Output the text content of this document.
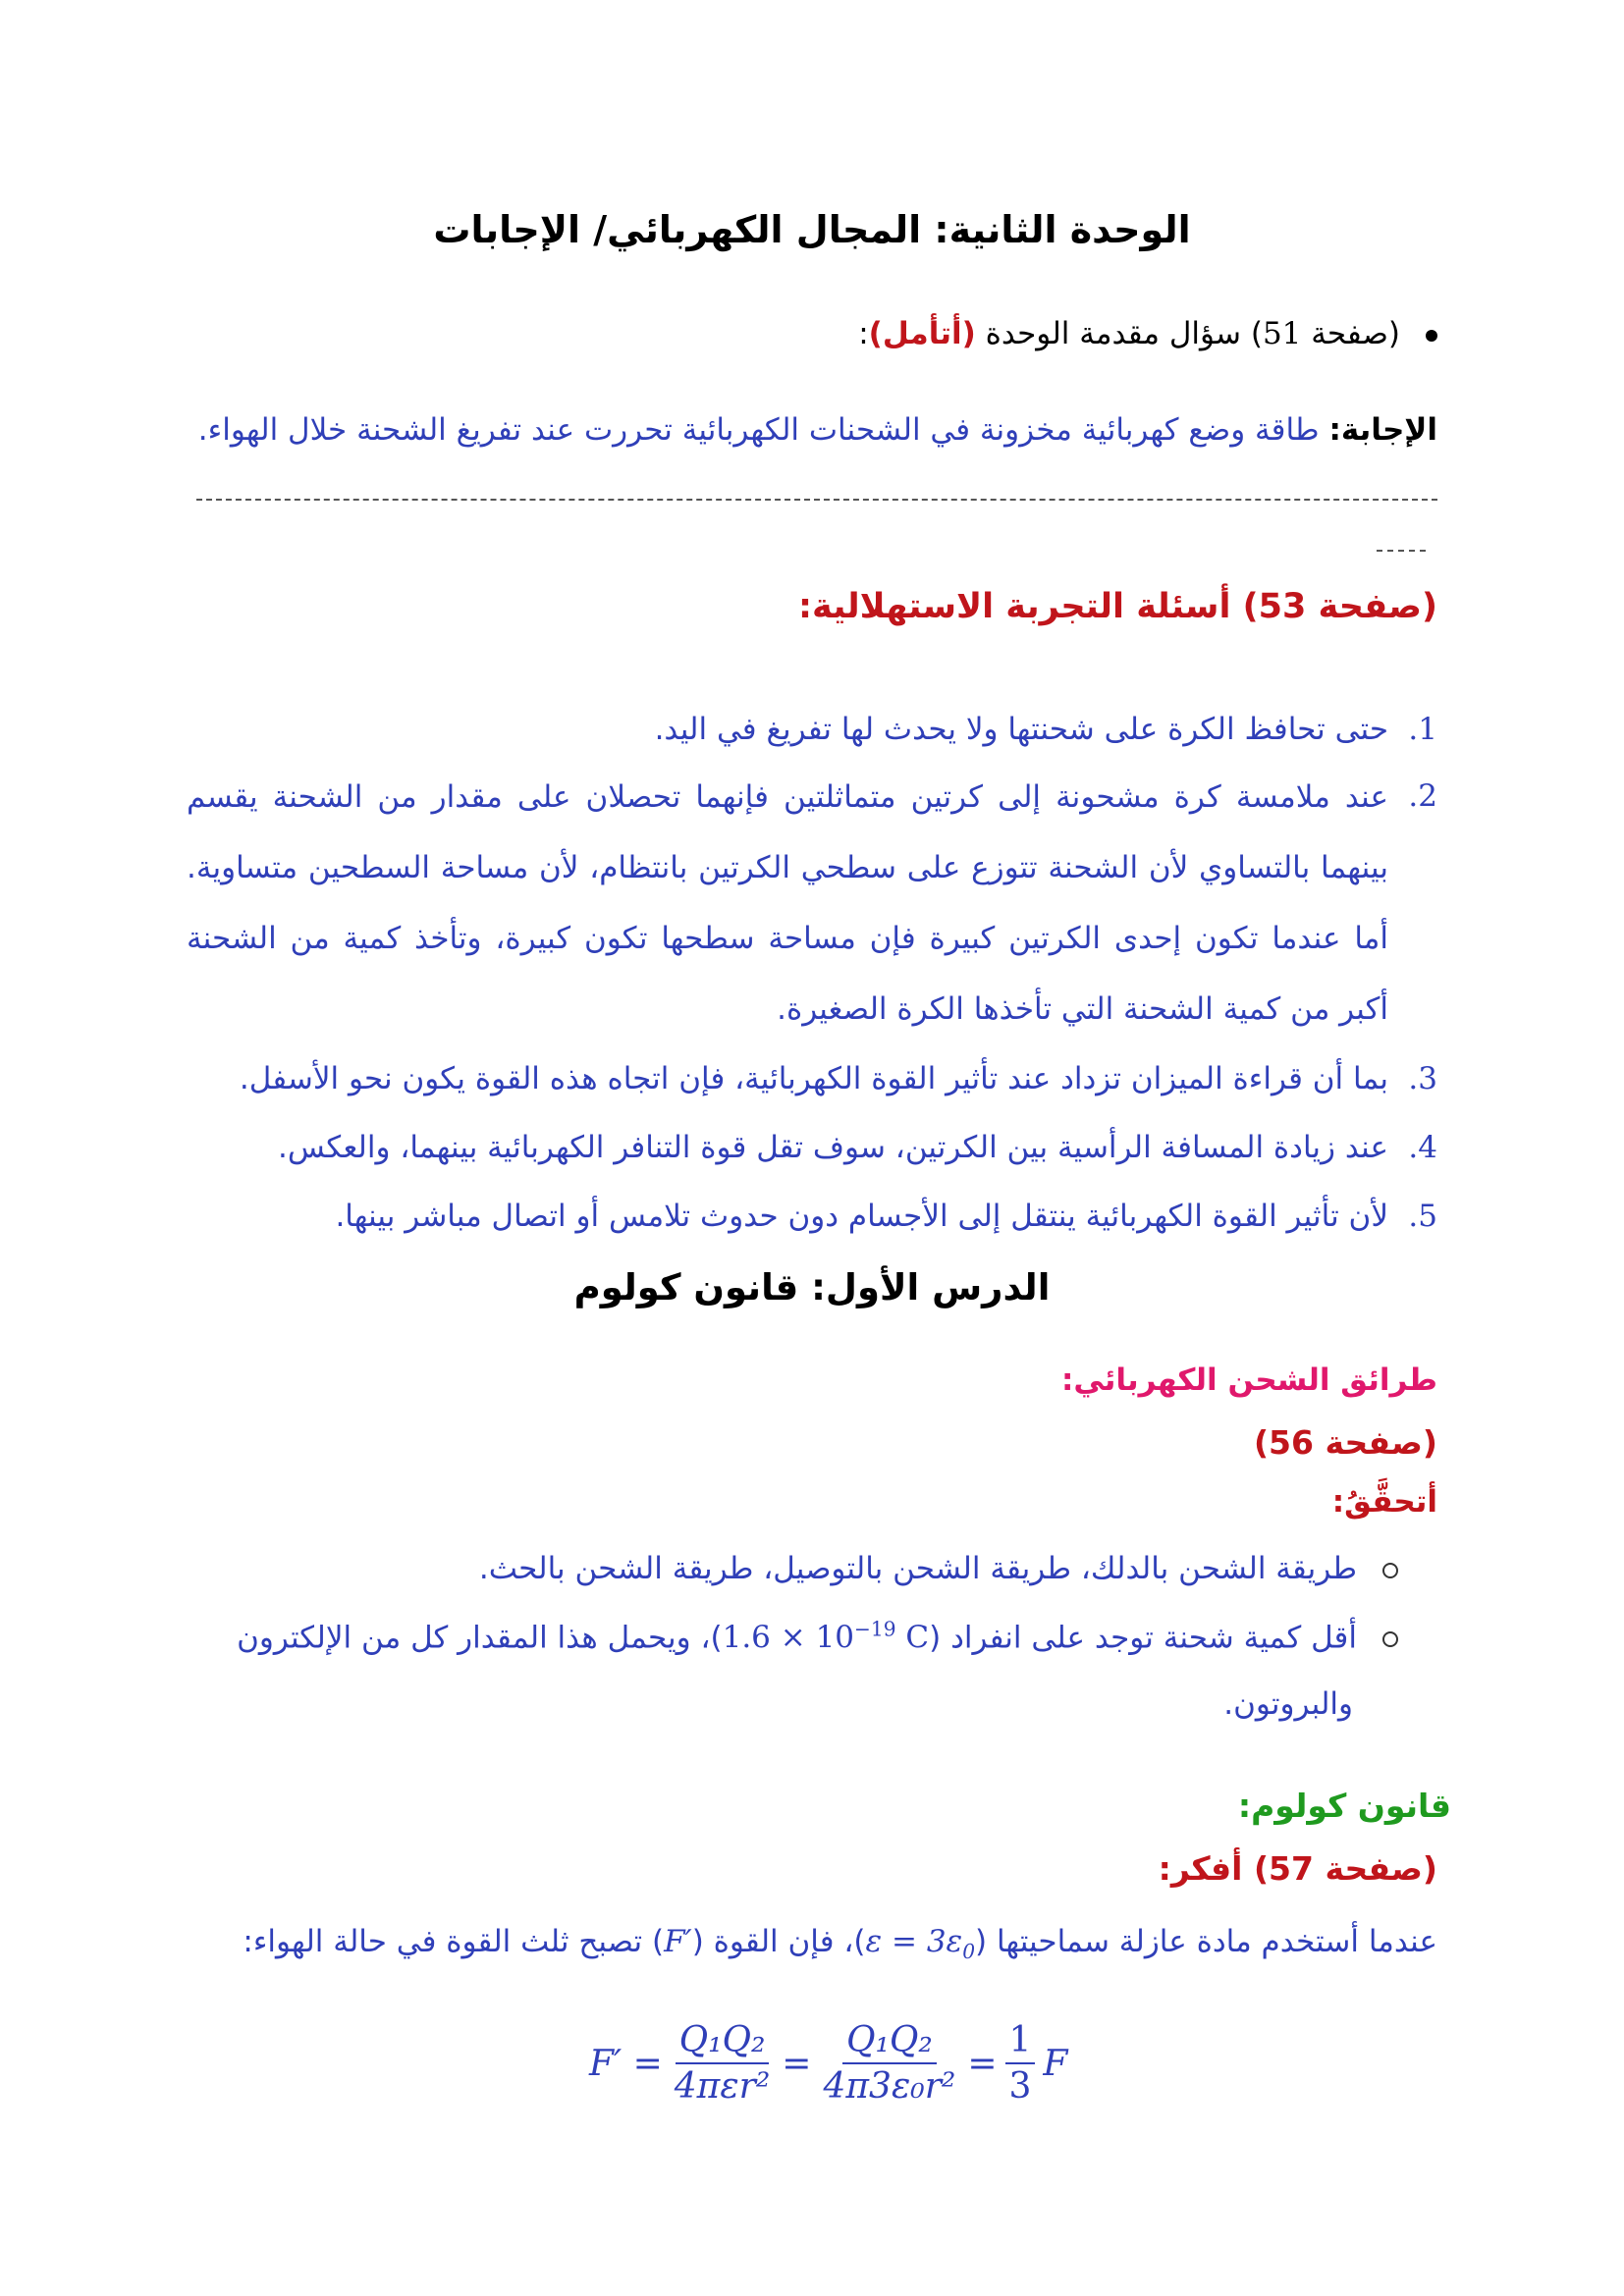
الوحدة الثانية: المجال الكهربائي/ الإجابات
(صفحة 51) سؤال مقدمة الوحدة (أتأمل):
الإجابة: طاقة وضع كهربائية مخزونة في الشحنات الكهربائية تحررت عند تفريغ الشحنة خلال الهواء.
(صفحة 53) أسئلة التجربة الاستهلالية:
1.
حتى تحافظ الكرة على شحنتها ولا يحدث لها تفريغ في اليد.
2.
عند ملامسة كرة مشحونة إلى كرتين متماثلتين فإنهما تحصلان على مقدار من الشحنة يقسم بينهما بالتساوي لأن الشحنة تتوزع على سطحي الكرتين بانتظام، لأن مساحة السطحين متساوية. أما عندما تكون إحدى الكرتين كبيرة فإن مساحة سطحها تكون كبيرة، وتأخذ كمية من الشحنة أكبر من كمية الشحنة التي تأخذها الكرة الصغيرة.
3.
بما أن قراءة الميزان تزداد عند تأثير القوة الكهربائية، فإن اتجاه هذه القوة يكون نحو الأسفل.
4.
عند زيادة المسافة الرأسية بين الكرتين، سوف تقل قوة التنافر الكهربائية بينهما، والعكس.
5.
لأن تأثير القوة الكهربائية ينتقل إلى الأجسام دون حدوث تلامس أو اتصال مباشر بينها.
الدرس الأول: قانون كولوم
طرائق الشحن الكهربائي:
(صفحة 56)
أتحقَّقُ:
طريقة الشحن بالدلك، طريقة الشحن بالتوصيل، طريقة الشحن بالحث.
أقل كمية شحنة توجد على انفراد ($1.6 \times 10^{-19}$ C)، ويحمل هذا المقدار كل من الإلكترون
والبروتون.
قانون كولوم:
(صفحة 57) أفكر:
عندما أستخدم مادة عازلة سماحيتها $(\varepsilon = 3\varepsilon_0)،$ فإن القوة (F′) تصبح ثلث القوة في حالة الهواء:
$F' = \frac{\text{Q₁Q₂}}{\text{4πεr²}} = \frac{\text{Q₁Q₂}}{\text{4π3ε₀r²}} = \frac{1}{3}$ F
